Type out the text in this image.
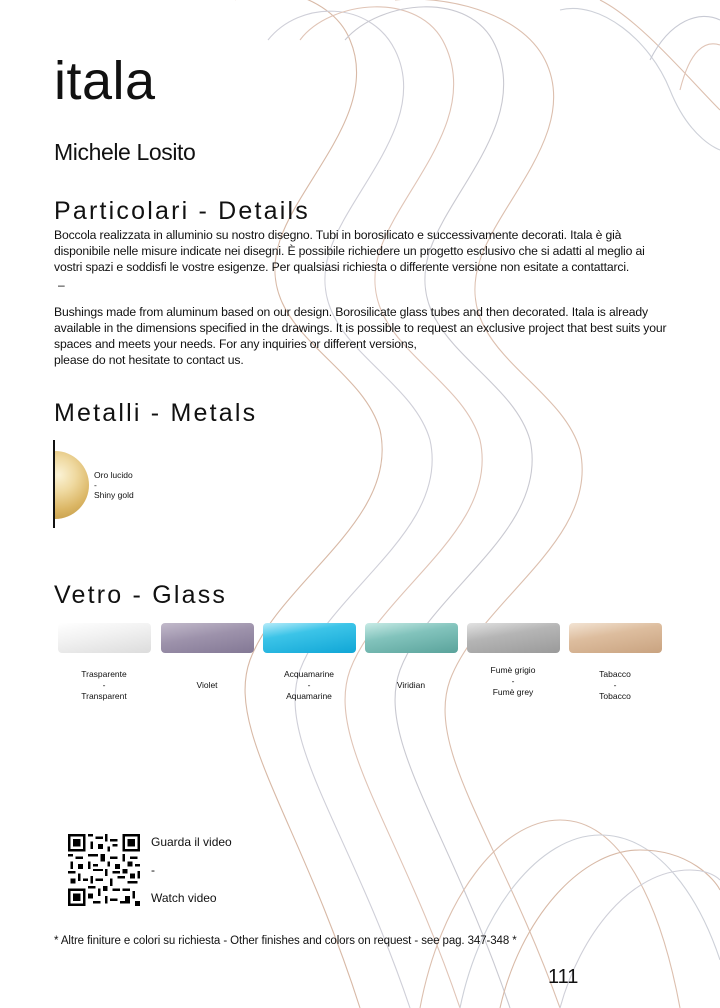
itala
Michele Losito
Particolari - Details
Boccola realizzata in alluminio su nostro disegno. Tubi in borosilicato e successivamente decorati. Itala è già disponibile nelle misure indicate nei disegni. È possibile richiedere un progetto esclusivo che si adatti al meglio ai vostri spazi e soddisfi le vostre esigenze. Per qualsiasi richiesta o differente versione non esitate a contattarci.
–
Bushings made from aluminum based on our design. Borosilicate glass tubes and then decorated. Itala is already available in the dimensions specified in the drawings. It is possible to request an exclusive project that best suits your spaces and meets your needs. For any inquiries or different versions,
please do not hesitate to contact us.
Metalli - Metals
Oro lucido
-
Shiny gold
Vetro - Glass
Trasparente
-
Transparent
Violet
Acquamarine
-
Aquamarine
Viridian
Fumè grigio
-
Fumè grey
Tabacco
-
Tobacco
Guarda il video
-
Watch video
* Altre finiture e colori su richiesta - Other finishes and colors on request - see pag. 347-348 *
111
